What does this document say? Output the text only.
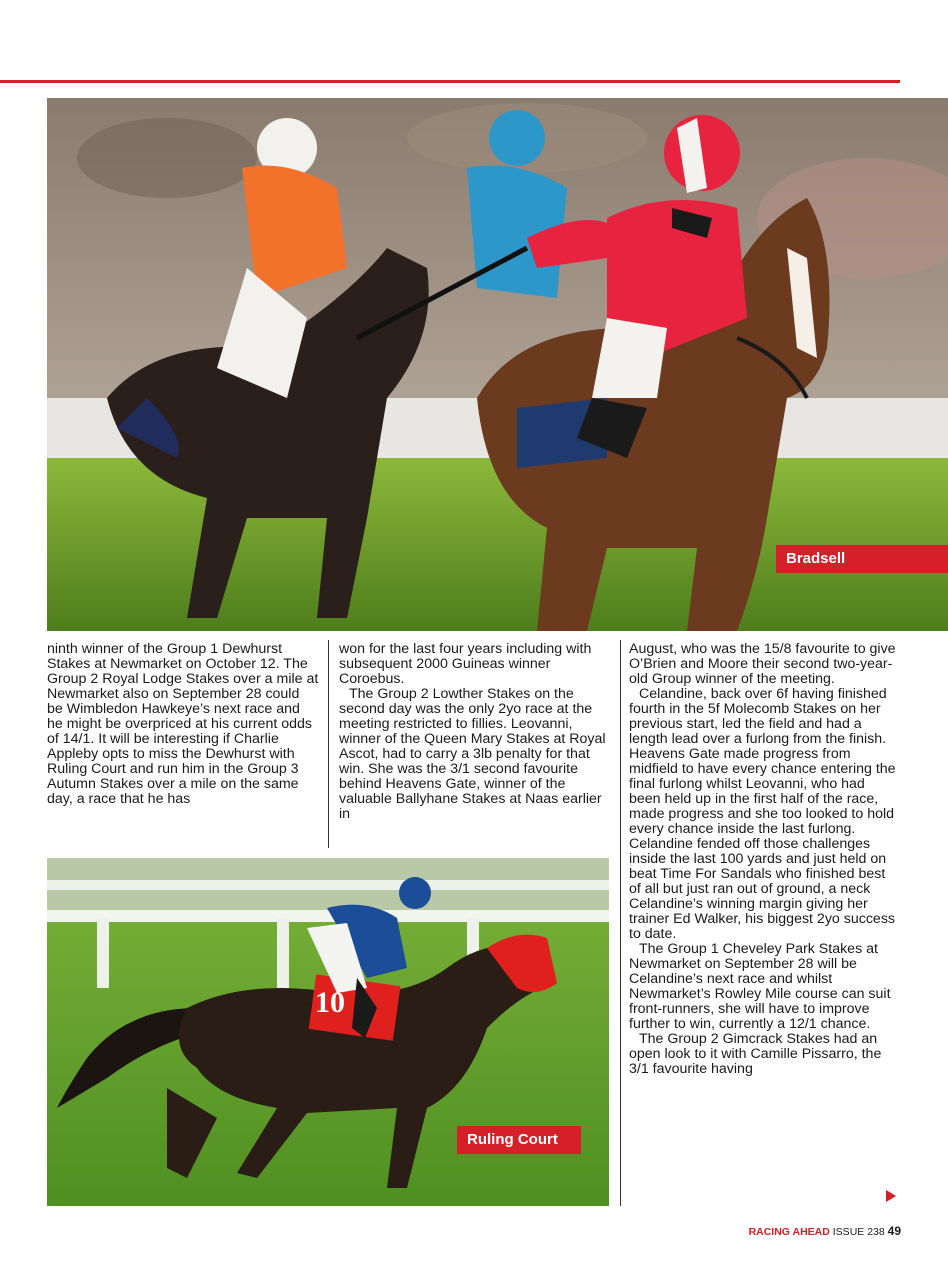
Bradsell

ninth winner of the Group 1 Dewhurst Stakes at Newmarket on October 12. The Group 2 Royal Lodge Stakes over a mile at Newmarket also on September 28 could be Wimbledon Hawkeye’s next race and he might be overpriced at his current odds of 14/1. It will be interesting if Charlie Appleby opts to miss the Dewhurst with Ruling Court and run him in the Group 3 Autumn Stakes over a mile on the same day, a race that he has

won for the last four years including with subsequent 2000 Guineas winner Coroebus.

The Group 2 Lowther Stakes on the second day was the only 2yo race at the meeting restricted to fillies. Leovanni, winner of the Queen Mary Stakes at Royal Ascot, had to carry a 3lb penalty for that win. She was the 3/1 second favourite behind Heavens Gate, winner of the valuable Ballyhane Stakes at Naas earlier in

August, who was the 15/8 favourite to give O’Brien and Moore their second two-year-old Group winner of the meeting.

Celandine, back over 6f having finished fourth in the 5f Molecomb Stakes on her previous start, led the field and had a length lead over a furlong from the finish. Heavens Gate made progress from midfield to have every chance entering the final furlong whilst Leovanni, who had been held up in the first half of the race, made progress and she too looked to hold every chance inside the last furlong. Celandine fended off those challenges inside the last 100 yards and just held on beat Time For Sandals who finished best of all but just ran out of ground, a neck Celandine’s winning margin giving her trainer Ed Walker, his biggest 2yo success to date.

The Group 1 Cheveley Park Stakes at Newmarket on September 28 will be Celandine’s next race and whilst Newmarket’s Rowley Mile course can suit front-runners, she will have to improve further to win, currently a 12/1 chance.

The Group 2 Gimcrack Stakes had an open look to it with Camille Pissarro, the 3/1 favourite having

10
Ruling Court
RACING AHEAD ISSUE 238 49
